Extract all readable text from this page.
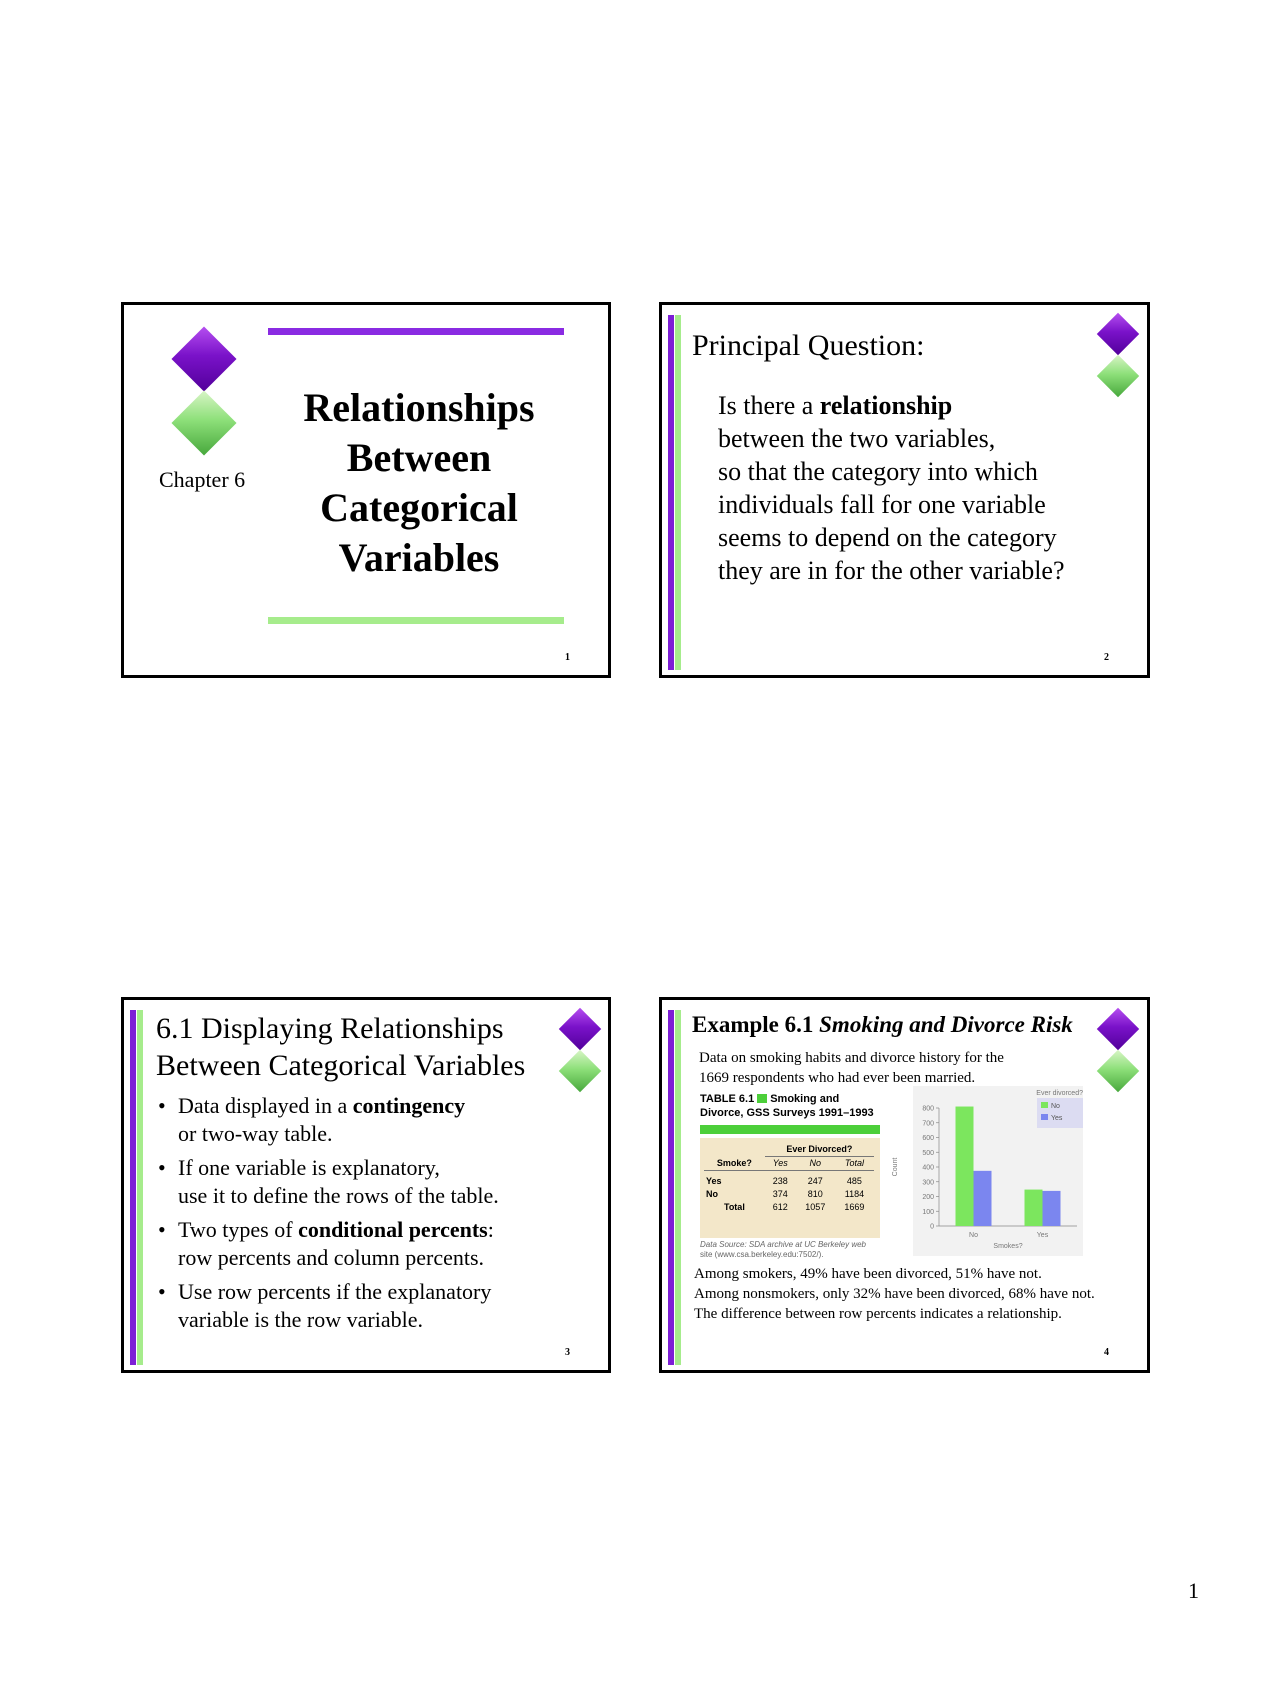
Chapter 6
Relationships
Between
Categorical
Variables
1
Principal Question:
Is there a relationship
between the two variables,
so that the category into which
individuals fall for one variable
seems to depend on the category
they are in for the other variable?
2
6.1 Displaying Relationships
Between Categorical Variables
• Data displayed in a contingency
or two-way table.
• If one variable is explanatory,
use it to define the rows of the table.
• Two types of conditional percents:
row percents and column percents.
• Use row percents if the explanatory
variable is the row variable.
3
Example 6.1 Smoking and Divorce Risk
Data on smoking habits and divorce history for the
1669 respondents who had ever been married.
TABLE 6.1 Smoking and
Divorce, GSS Surveys 1991–1993
	Ever Divorced?		
Smoke?	Yes	No	Total

Yes	238	247	485
No	374	810	1184
Total	612	1057	1669
Data Source: SDA archive at UC Berkeley web
site (www.csa.berkeley.edu:7502/).
0
100
200
300
400
500
600
700
800
Count
No	Yes
Smokes?
Ever divorced?
No
Yes
Among smokers, 49% have been divorced, 51% have not.
Among nonsmokers, only 32% have been divorced, 68% have not.
The difference between row percents indicates a relationship.
4
1
